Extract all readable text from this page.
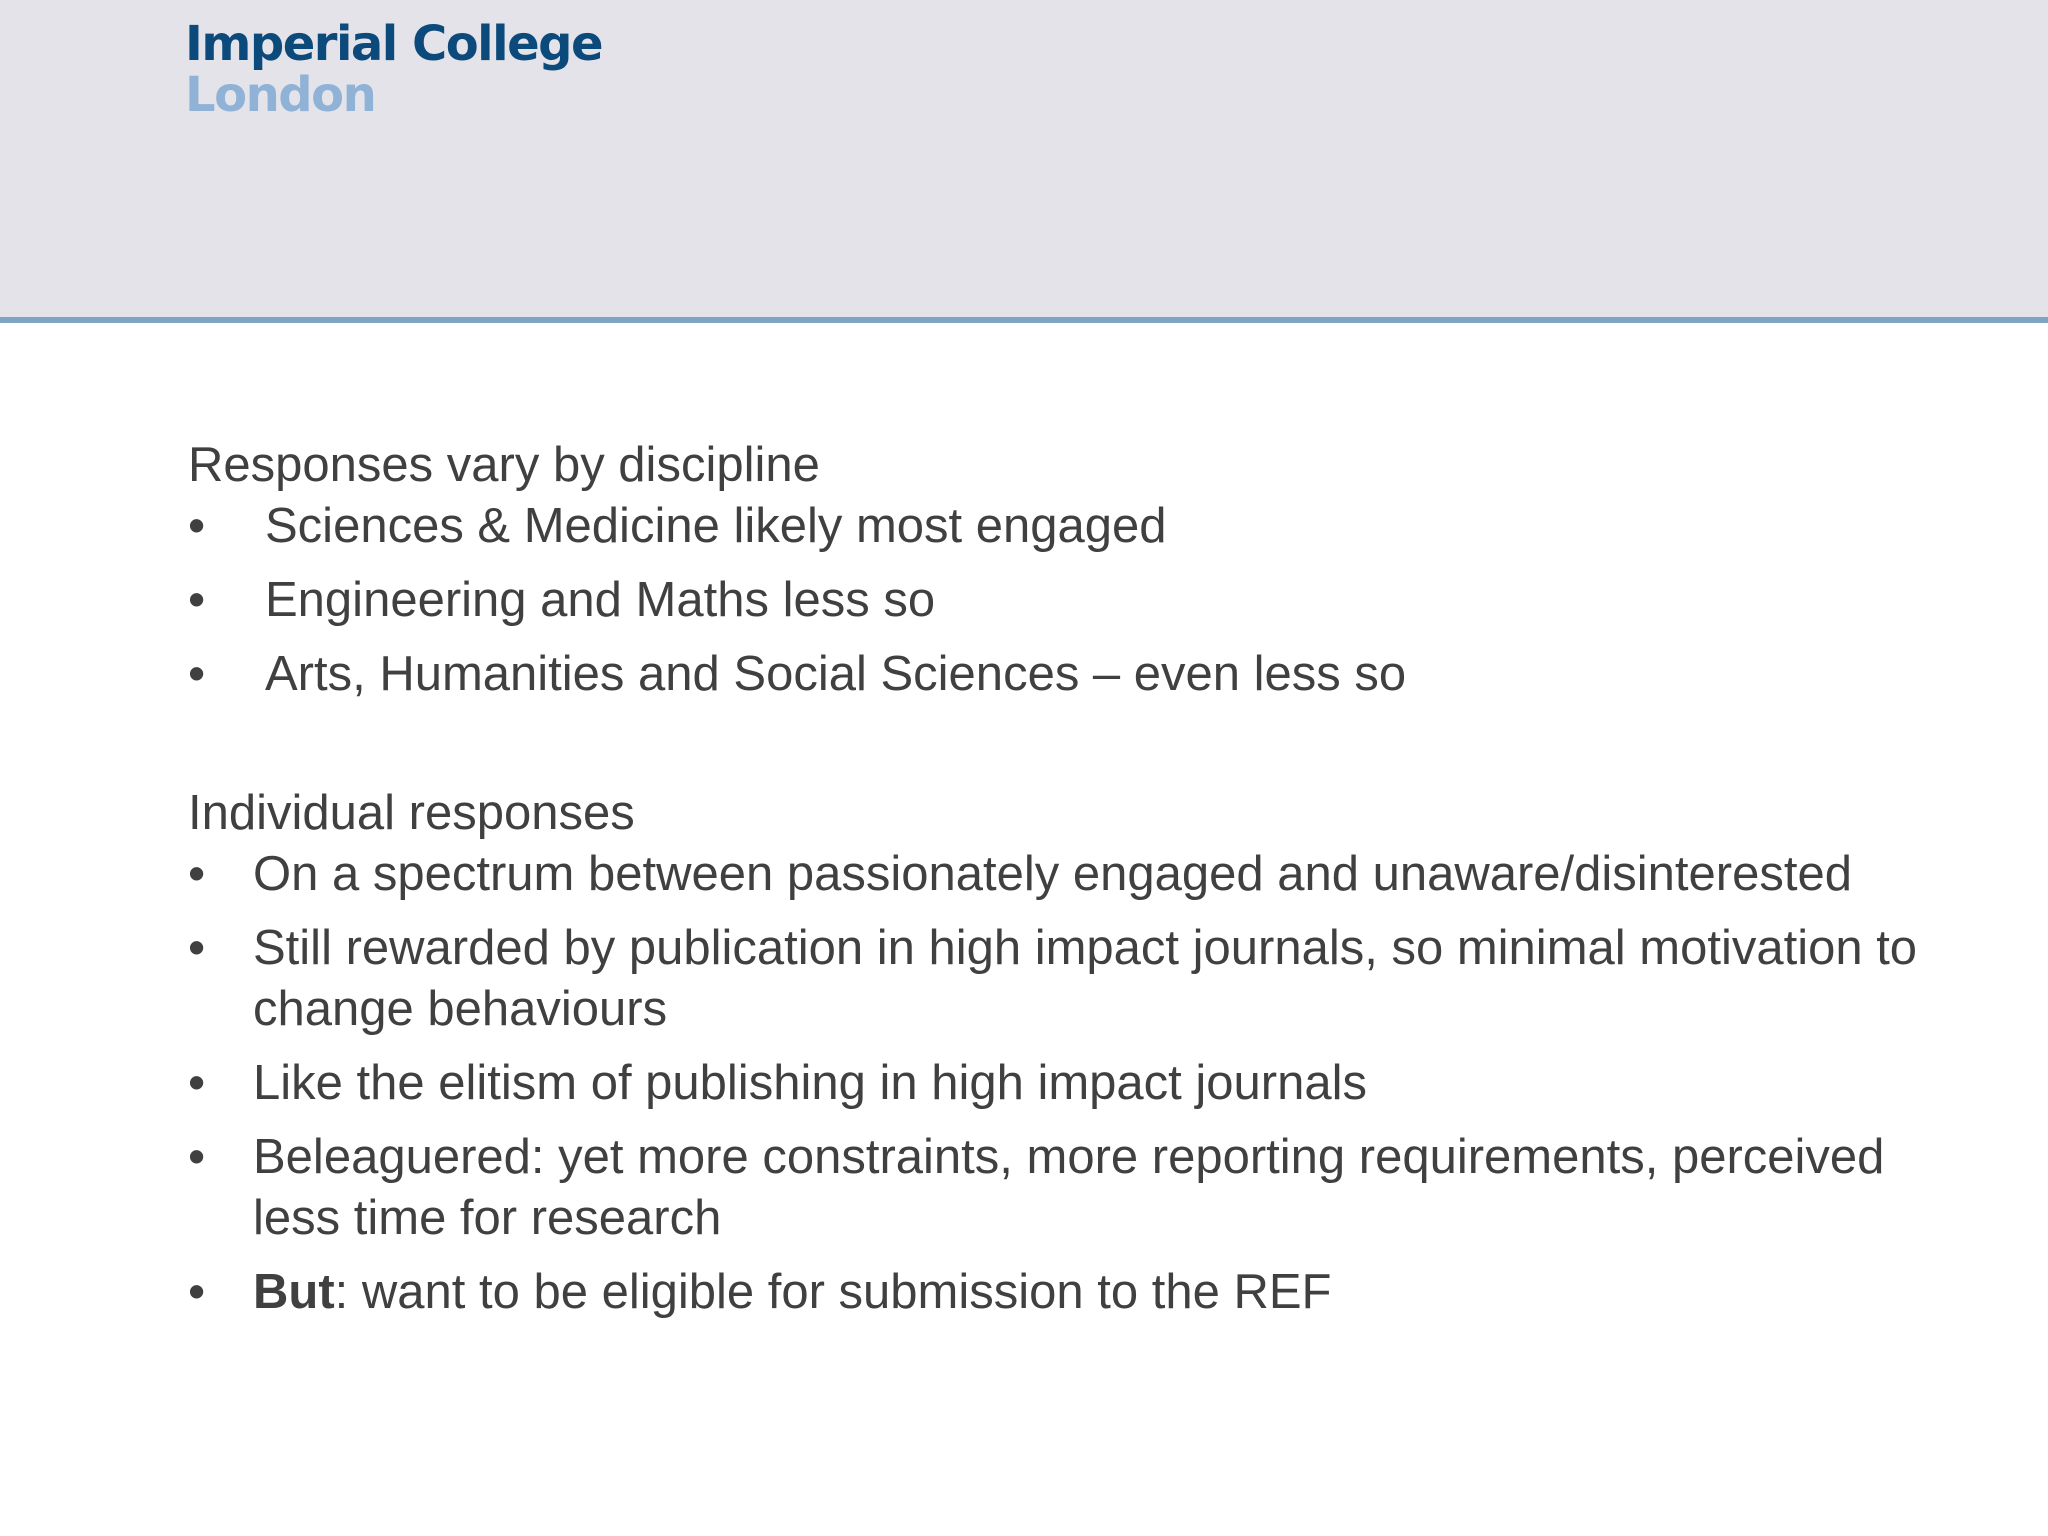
Imperial College
London
Responses vary by discipline
• Sciences & Medicine likely most engaged
• Engineering and Maths less so
• Arts, Humanities and Social Sciences – even less so
Individual responses
• On a spectrum between passionately engaged and unaware/disinterested
• Still rewarded by publication in high impact journals, so minimal motivation to change behaviours
• Like the elitism of publishing in high impact journals
• Beleaguered: yet more constraints, more reporting requirements, perceived less time for research
• But: want to be eligible for submission to the REF
